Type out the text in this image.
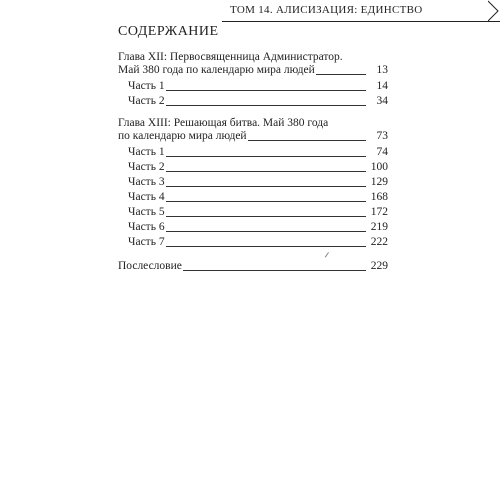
ТОМ 14. АЛИСИЗАЦИЯ: ЕДИНСТВО
СОДЕРЖАНИЕ
Глава XII: Первосвященница Администратор.
Май 380 года по календарю мира людей	13
Часть 1	14
Часть 2	34
Глава XIII: Решающая битва. Май 380 года
по календарю мира людей	73
Часть 1	74
Часть 2	100
Часть 3	129
Часть 4	168
Часть 5	172
Часть 6	219
Часть 7	222
Послесловие	229
